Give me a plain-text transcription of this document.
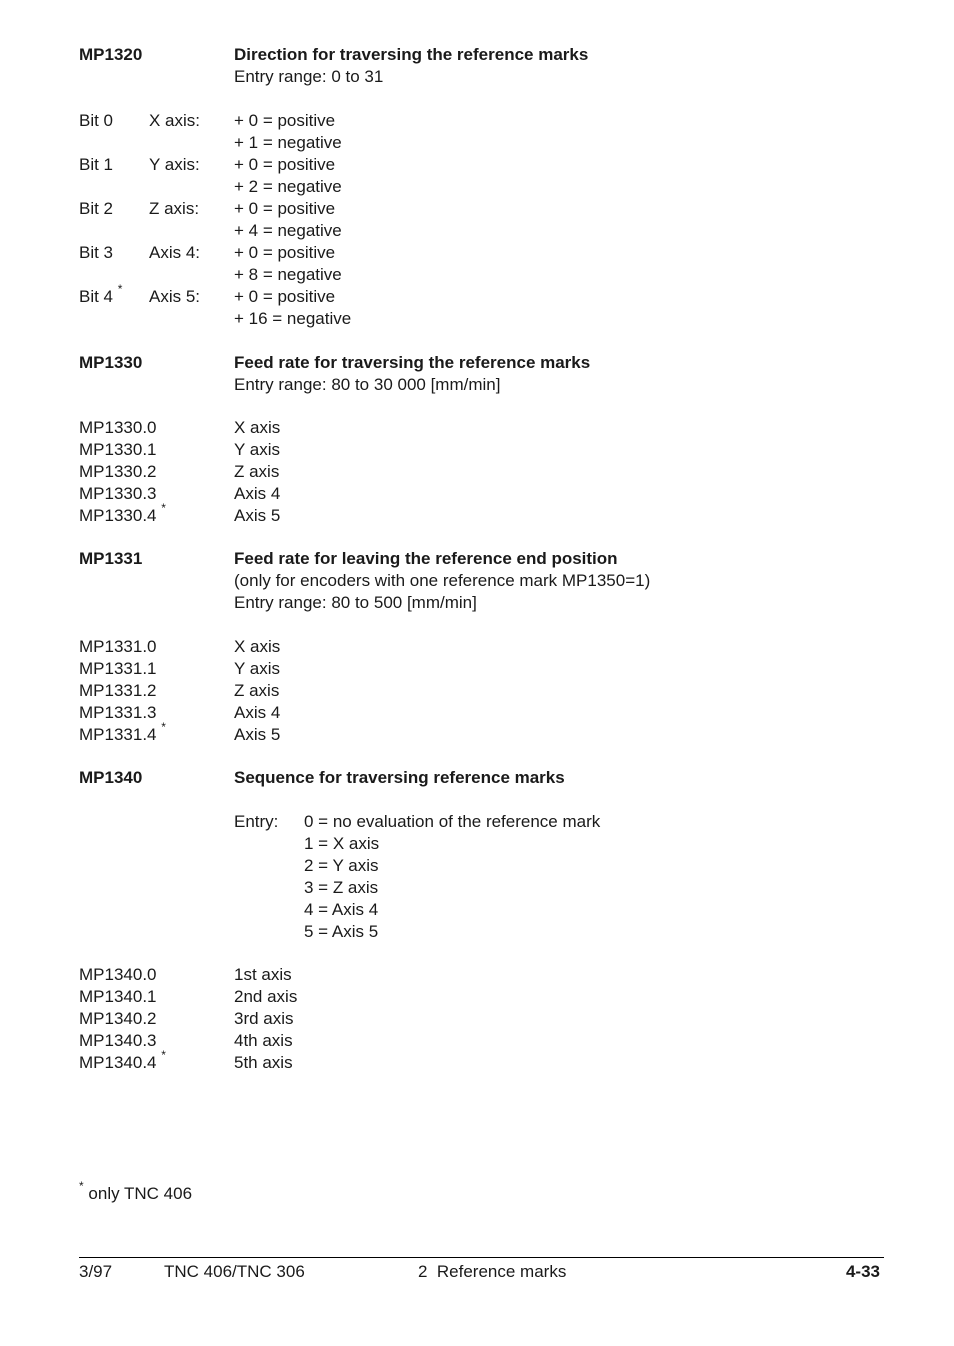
MP1320	Direction for traversing the reference marks
Entry range: 0 to 31
Bit 0 X axis: + 0 = positive
+ 1 = negative
Bit 1 Y axis: + 0 = positive
+ 2 = negative
Bit 2 Z axis: + 0 = positive
+ 4 = negative
Bit 3 Axis 4: + 0 = positive
+ 8 = negative
Bit 4 * Axis 5: + 0 = positive
+ 16 = negative
MP1330	Feed rate for traversing the reference marks
Entry range: 80 to 30 000 [mm/min]
MP1330.0	X axis
MP1330.1	Y axis
MP1330.2	Z axis
MP1330.3	Axis 4
MP1330.4 *	Axis 5
MP1331	Feed rate for leaving the reference end position
(only for encoders with one reference mark MP1350=1)
Entry range: 80 to 500 [mm/min]
MP1331.0	X axis
MP1331.1	Y axis
MP1331.2	Z axis
MP1331.3	Axis 4
MP1331.4 *	Axis 5
MP1340	Sequence for traversing reference marks
Entry: 0 = no evaluation of the reference mark
1 = X axis
2 = Y axis
3 = Z axis
4 = Axis 4
5 = Axis 5
MP1340.0	1st axis
MP1340.1	2nd axis
MP1340.2	3rd axis
MP1340.3	4th axis
MP1340.4 *	5th axis
* only TNC 406
3/97	TNC 406/TNC 306	2  Reference marks	4-33
